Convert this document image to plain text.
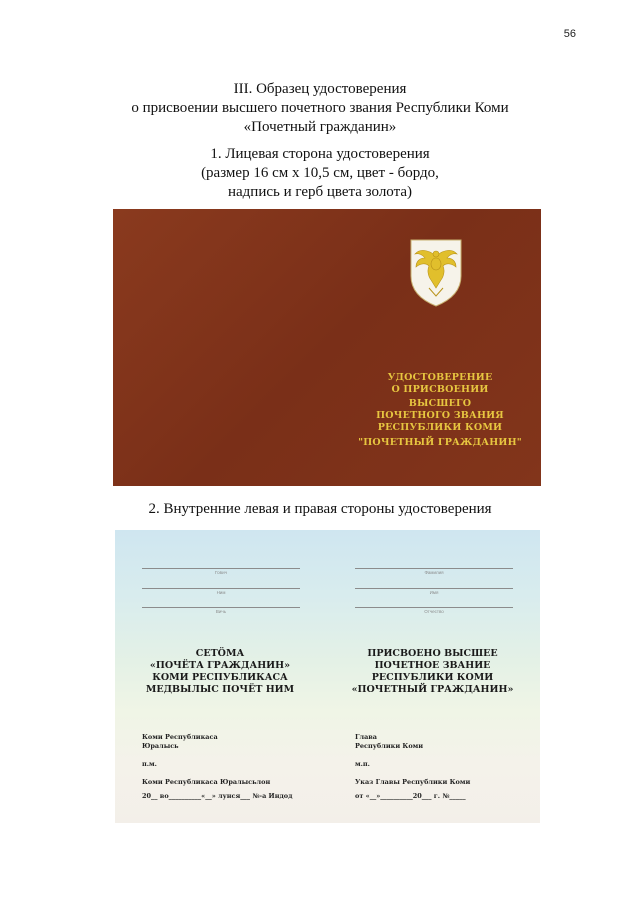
56
III. Образец удостоверения
о присвоении высшего почетного звания Республики Коми
«Почетный гражданин»
1. Лицевая сторона удостоверения
(размер 16 см х 10,5 см, цвет - бордо,
надпись и герб цвета золота)
УДОСТОВЕРЕНИЕ
О ПРИСВОЕНИИ
ВЫСШЕГО
ПОЧЕТНОГО ЗВАНИЯ
РЕСПУБЛИКИ КОМИ
"ПОЧЕТНЫЙ ГРАЖДАНИН"
2. Внутренние левая и правая стороны удостоверения
Гович
Ним
Вичь
Фамилия
Имя
Отчество
СЕТÖМА
«ПОЧЁТА ГРАЖДАНИН»
КОМИ РЕСПУБЛИКАСА
МЕДВЫЛЫС ПОЧЁТ НИМ
ПРИСВОЕНО ВЫСШЕЕ
ПОЧЕТНОЕ ЗВАНИЕ
РЕСПУБЛИКИ КОМИ
«ПОЧЕТНЫЙ ГРАЖДАНИН»
Коми Республикаса
Юралысь
п.м.
Коми Республикаса Юралысьлон
20__ во__________«__» лунся___ №-а Индод
Глава
Республики Коми
м.п.
Указ Главы Республики Коми
от «__»__________20___ г. №_____
